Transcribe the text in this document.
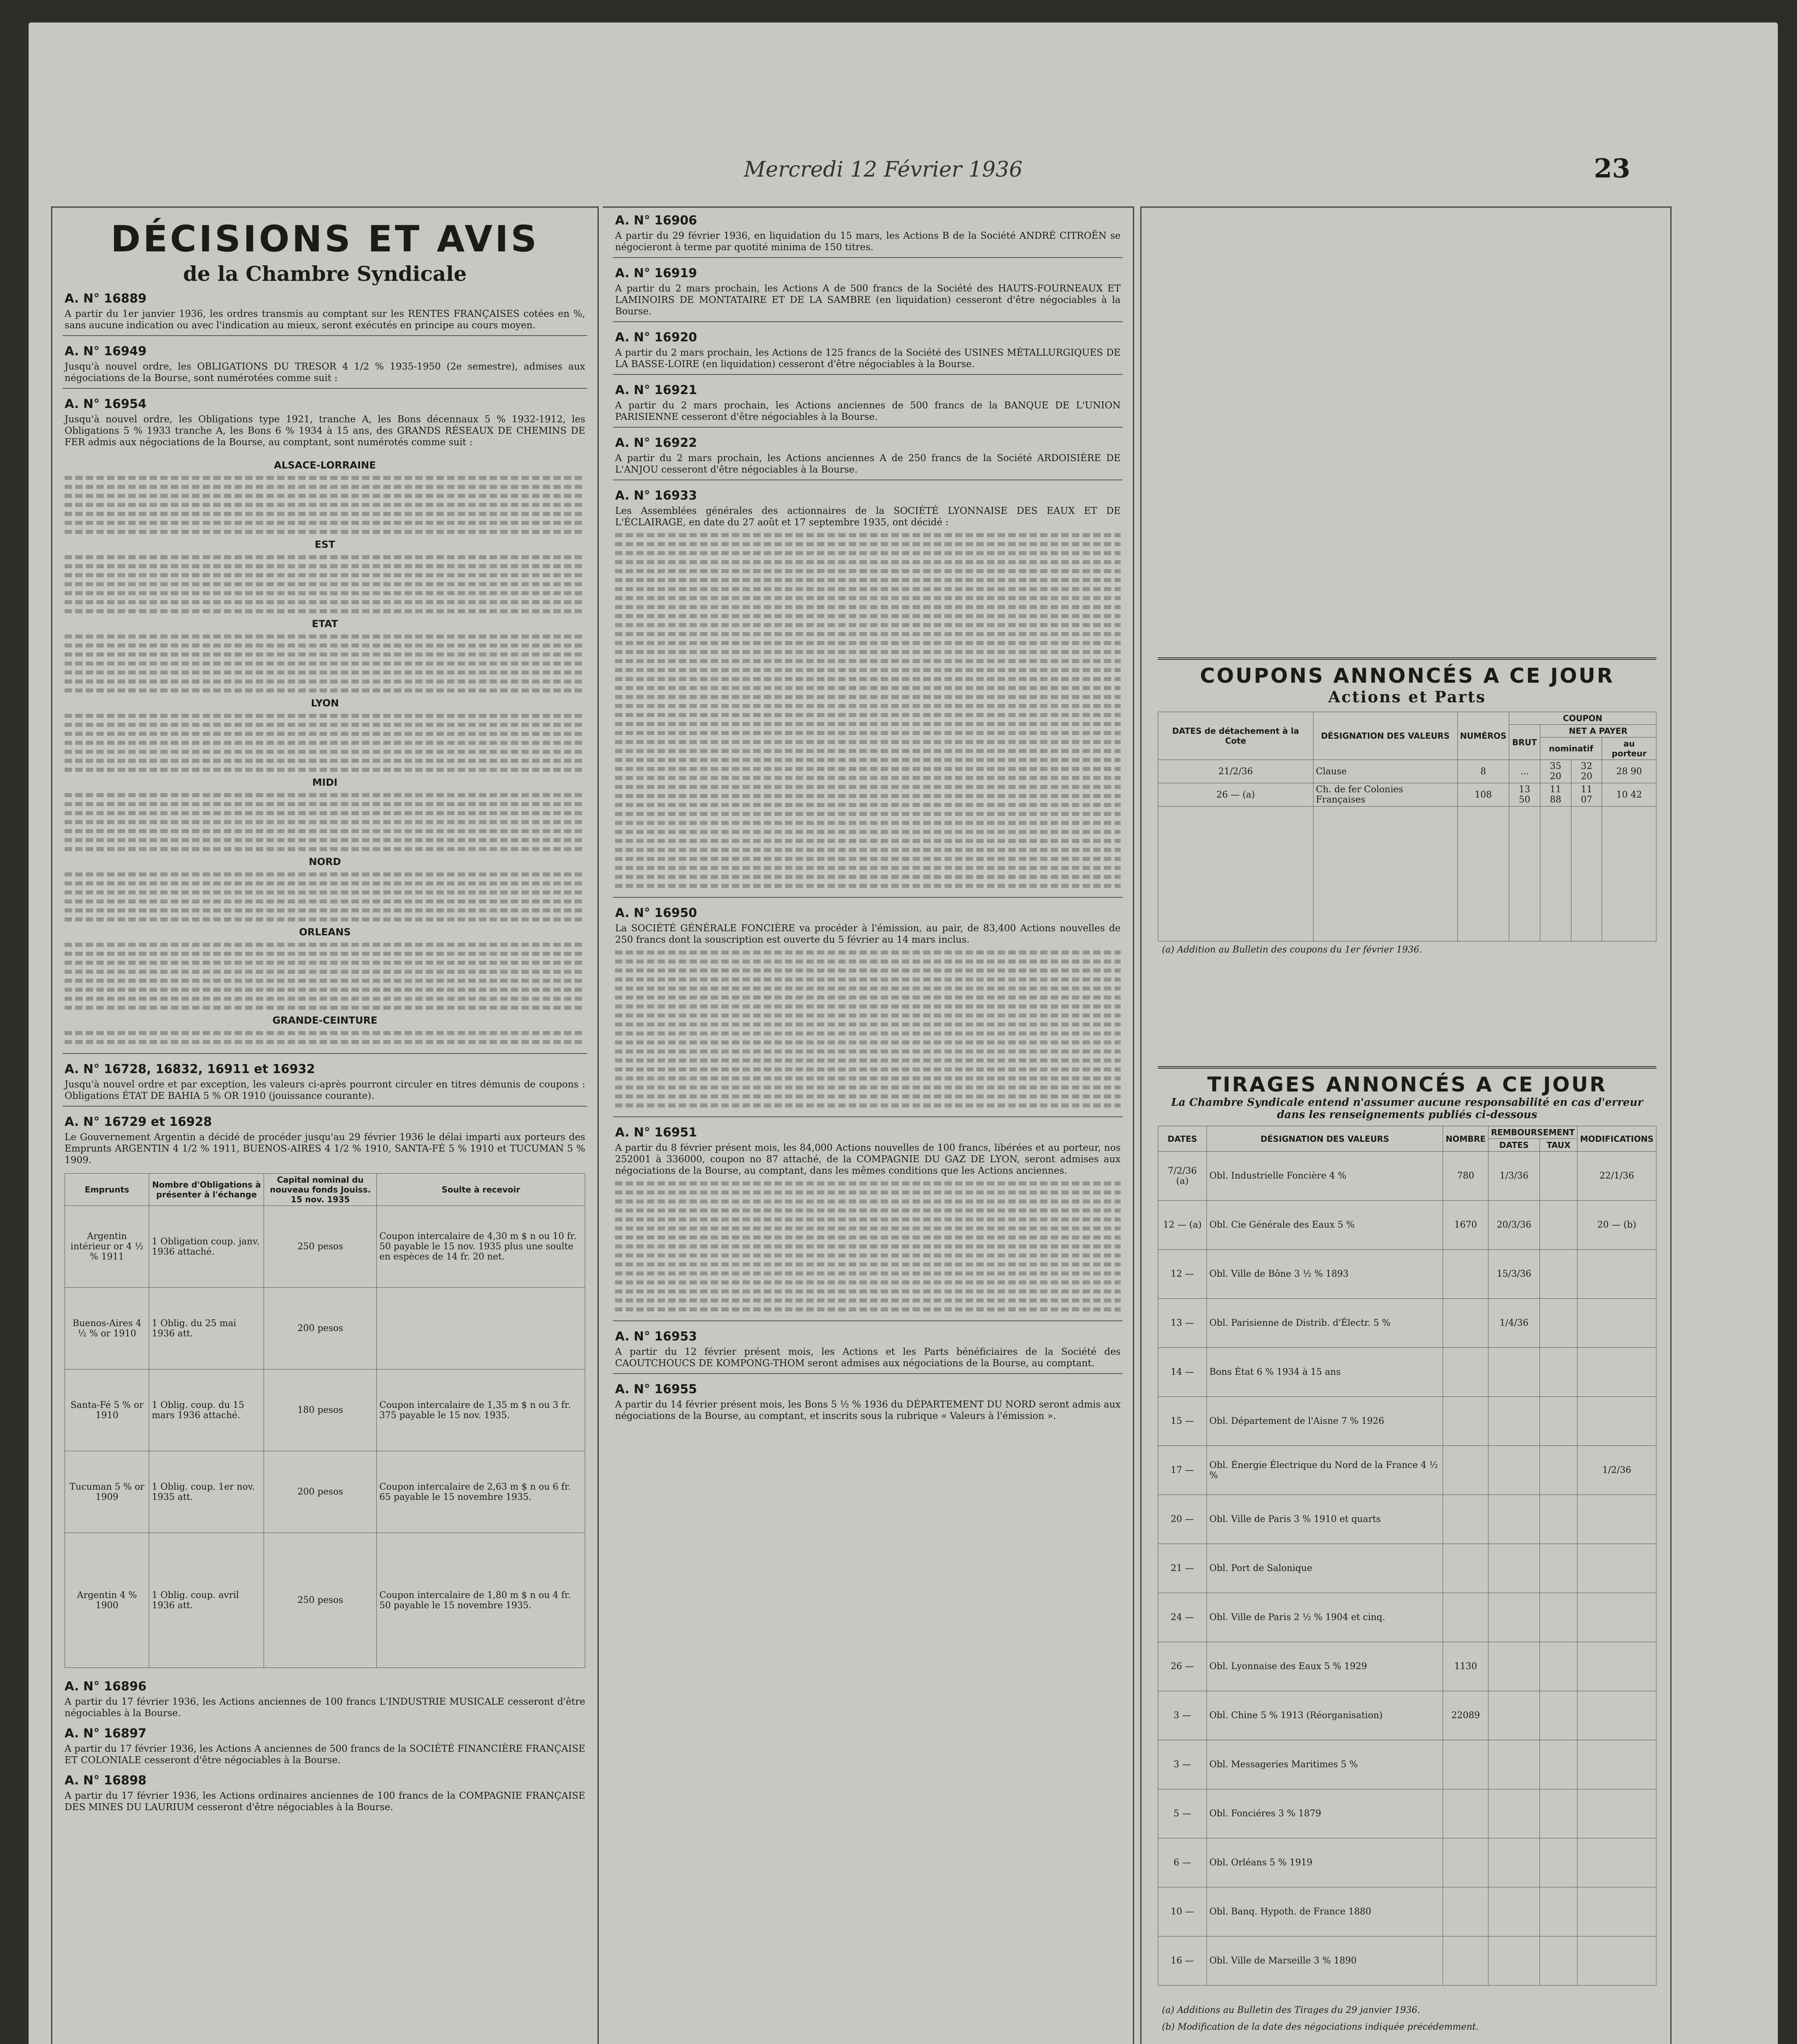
Mercredi 12 Février 1936	23
DÉCISIONS ET AVIS
de la Chambre Syndicale
A. N° 16889
A partir du 1er janvier 1936, les ordres transmis au comptant sur les RENTES FRANÇAISES cotées en %, sans aucune indication ou avec l'indication au mieux, seront exécutés en principe au cours moyen.
A. N° 16949
Jusqu'à nouvel ordre, les OBLIGATIONS DU TRESOR 4 1/2 % 1935-1950 (2e semestre), admises aux négociations de la Bourse, sont numérotées comme suit :
A. N° 16954
Jusqu'à nouvel ordre, les Obligations type 1921, tranche A, les Bons décennaux 5 % 1932-1912, les Obligations 5 % 1933 tranche A, les Bons 6 % 1934 à 15 ans, des GRANDS RÉSEAUX DE CHEMINS DE FER admis aux négociations de la Bourse, au comptant, sont numérotés comme suit :
ALSACE-LORRAINE
EST
ETAT
LYON
MIDI
NORD
ORLEANS
GRANDE-CEINTURE
A. N° 16728, 16832, 16911 et 16932
Jusqu'à nouvel ordre et par exception, les valeurs ci-après pourront circuler en titres démunis de coupons : Obligations ÉTAT DE BAHIA 5 % OR 1910 (jouissance courante).
A. N° 16729 et 16928
Le Gouvernement Argentin a décidé de procéder jusqu'au 29 février 1936 le délai imparti aux porteurs des Emprunts ARGENTIN 4 1/2 % 1911, BUENOS-AIRES 4 1/2 % 1910, SANTA-FÉ 5 % 1910 et TUCUMAN 5 % 1909.
Emprunts	Nombre d'Obligations à présenter à l'échange	Capital nominal du nouveau fonds Jouiss. 15 nov. 1935	Soulte à recevoir
Argentin intérieur or 4 ½ % 1911	1 Obligation coup. janv. 1936 attaché.	250 pesos	Coupon intercalaire de 4,30 m $ n ou 10 fr. 50 payable le 15 nov. 1935 plus une soulte en espèces de 14 fr. 20 net.
Buenos-Aires 4 ½ % or 1910	1 Oblig. du 25 mai 1936 att.	200 pesos	
Santa-Fé 5 % or 1910	1 Oblig. coup. du 15 mars 1936 attaché.	180 pesos	Coupon intercalaire de 1,35 m $ n ou 3 fr. 375 payable le 15 nov. 1935.
Tucuman 5 % or 1909	1 Oblig. coup. 1er nov. 1935 att.	200 pesos	Coupon intercalaire de 2,63 m $ n ou 6 fr. 65 payable le 15 novembre 1935.
Argentin 4 % 1900	1 Oblig. coup. avril 1936 att.	250 pesos	Coupon intercalaire de 1,80 m $ n ou 4 fr. 50 payable le 15 novembre 1935.
A. N° 16896
A partir du 17 février 1936, les Actions anciennes de 100 francs L'INDUSTRIE MUSICALE cesseront d'être négociables à la Bourse.
A. N° 16897
A partir du 17 février 1936, les Actions A anciennes de 500 francs de la SOCIÉTÉ FINANCIÈRE FRANÇAISE ET COLONIALE cesseront d'être négociables à la Bourse.
A. N° 16898
A partir du 17 février 1936, les Actions ordinaires anciennes de 100 francs de la COMPAGNIE FRANÇAISE DES MINES DU LAURIUM cesseront d'être négociables à la Bourse.
A. N° 16906
A partir du 29 février 1936, en liquidation du 15 mars, les Actions B de la Société ANDRÉ CITROËN se négocieront à terme par quotité minima de 150 titres.
A. N° 16919
A partir du 2 mars prochain, les Actions A de 500 francs de la Société des HAUTS-FOURNEAUX ET LAMINOIRS DE MONTATAIRE ET DE LA SAMBRE (en liquidation) cesseront d'être négociables à la Bourse.
A. N° 16920
A partir du 2 mars prochain, les Actions de 125 francs de la Société des USINES MÉTALLURGIQUES DE LA BASSE-LOIRE (en liquidation) cesseront d'être négociables à la Bourse.
A. N° 16921
A partir du 2 mars prochain, les Actions anciennes de 500 francs de la BANQUE DE L'UNION PARISIENNE cesseront d'être négociables à la Bourse.
A. N° 16922
A partir du 2 mars prochain, les Actions anciennes A de 250 francs de la Société ARDOISIÈRE DE L'ANJOU cesseront d'être négociables à la Bourse.
A. N° 16933
Les Assemblées générales des actionnaires de la SOCIÉTÉ LYONNAISE DES EAUX ET DE L'ÉCLAIRAGE, en date du 27 août et 17 septembre 1935, ont décidé :
A. N° 16950
La SOCIÉTÉ GÉNÉRALE FONCIÈRE va procéder à l'émission, au pair, de 83,400 Actions nouvelles de 250 francs dont la souscription est ouverte du 5 février au 14 mars inclus.
A. N° 16951
A partir du 8 février présent mois, les 84,000 Actions nouvelles de 100 francs, libérées et au porteur, nos 252001 à 336000, coupon no 87 attaché, de la COMPAGNIE DU GAZ DE LYON, seront admises aux négociations de la Bourse, au comptant, dans les mêmes conditions que les Actions anciennes.
A. N° 16953
A partir du 12 février présent mois, les Actions et les Parts bénéficiaires de la Société des CAOUTCHOUCS DE KOMPONG-THOM seront admises aux négociations de la Bourse, au comptant.
A. N° 16955
A partir du 14 février présent mois, les Bons 5 ½ % 1936 du DÉPARTEMENT DU NORD seront admis aux négociations de la Bourse, au comptant, et inscrits sous la rubrique « Valeurs à l'émission ».
COUPONS ANNONCÉS A CE JOUR
Actions et Parts
DATES de détachement à la Cote	DÉSIGNATION DES VALEURS	NUMÉROS	COUPON			
			BRUT	NET A PAYER		
				nominatif		au porteur
21/2/36	Clause	8	...	35 20	32 20	28 90
26 — (a)	Ch. de fer Colonies Françaises	108	13 50	11 88	11 07	10 42

(a) Addition au Bulletin des coupons du 1er février 1936.
TIRAGES ANNONCÉS A CE JOUR
La Chambre Syndicale entend n'assumer aucune responsabilité en cas d'erreur dans les renseignements publiés ci-dessous
DATES	DÉSIGNATION DES VALEURS	NOMBRE	REMBOURSEMENT		MODIFICATIONS
			DATES	TAUX	
7/2/36 (a)	Obl. Industrielle Foncière 4 %	780	1/3/36		22/1/36
12 — (a)	Obl. Cie Générale des Eaux 5 %	1670	20/3/36		20 — (b)
12 —	Obl. Ville de Bône 3 ½ % 1893		15/3/36		
13 —	Obl. Parisienne de Distrib. d'Électr. 5 %		1/4/36		
14 —	Bons État 6 % 1934 à 15 ans				
15 —	Obl. Département de l'Aisne 7 % 1926				
17 —	Obl. Énergie Électrique du Nord de la France 4 ½ %				1/2/36
20 —	Obl. Ville de Paris 3 % 1910 et quarts				
21 —	Obl. Port de Salonique				
24 —	Obl. Ville de Paris 2 ½ % 1904 et cinq.				
26 —	Obl. Lyonnaise des Eaux 5 % 1929	1130			
3 —	Obl. Chine 5 % 1913 (Réorganisation)	22089			
3 —	Obl. Messageries Maritimes 5 %				
5 —	Obl. Fonciéres 3 % 1879				
6 —	Obl. Orléans 5 % 1919				
10 —	Obl. Banq. Hypoth. de France 1880				
16 —	Obl. Ville de Marseille 3 % 1890				
(a) Additions au Bulletin des Tirages du 29 janvier 1936.
(b) Modification de la date des négociations indiquée précédemment.
